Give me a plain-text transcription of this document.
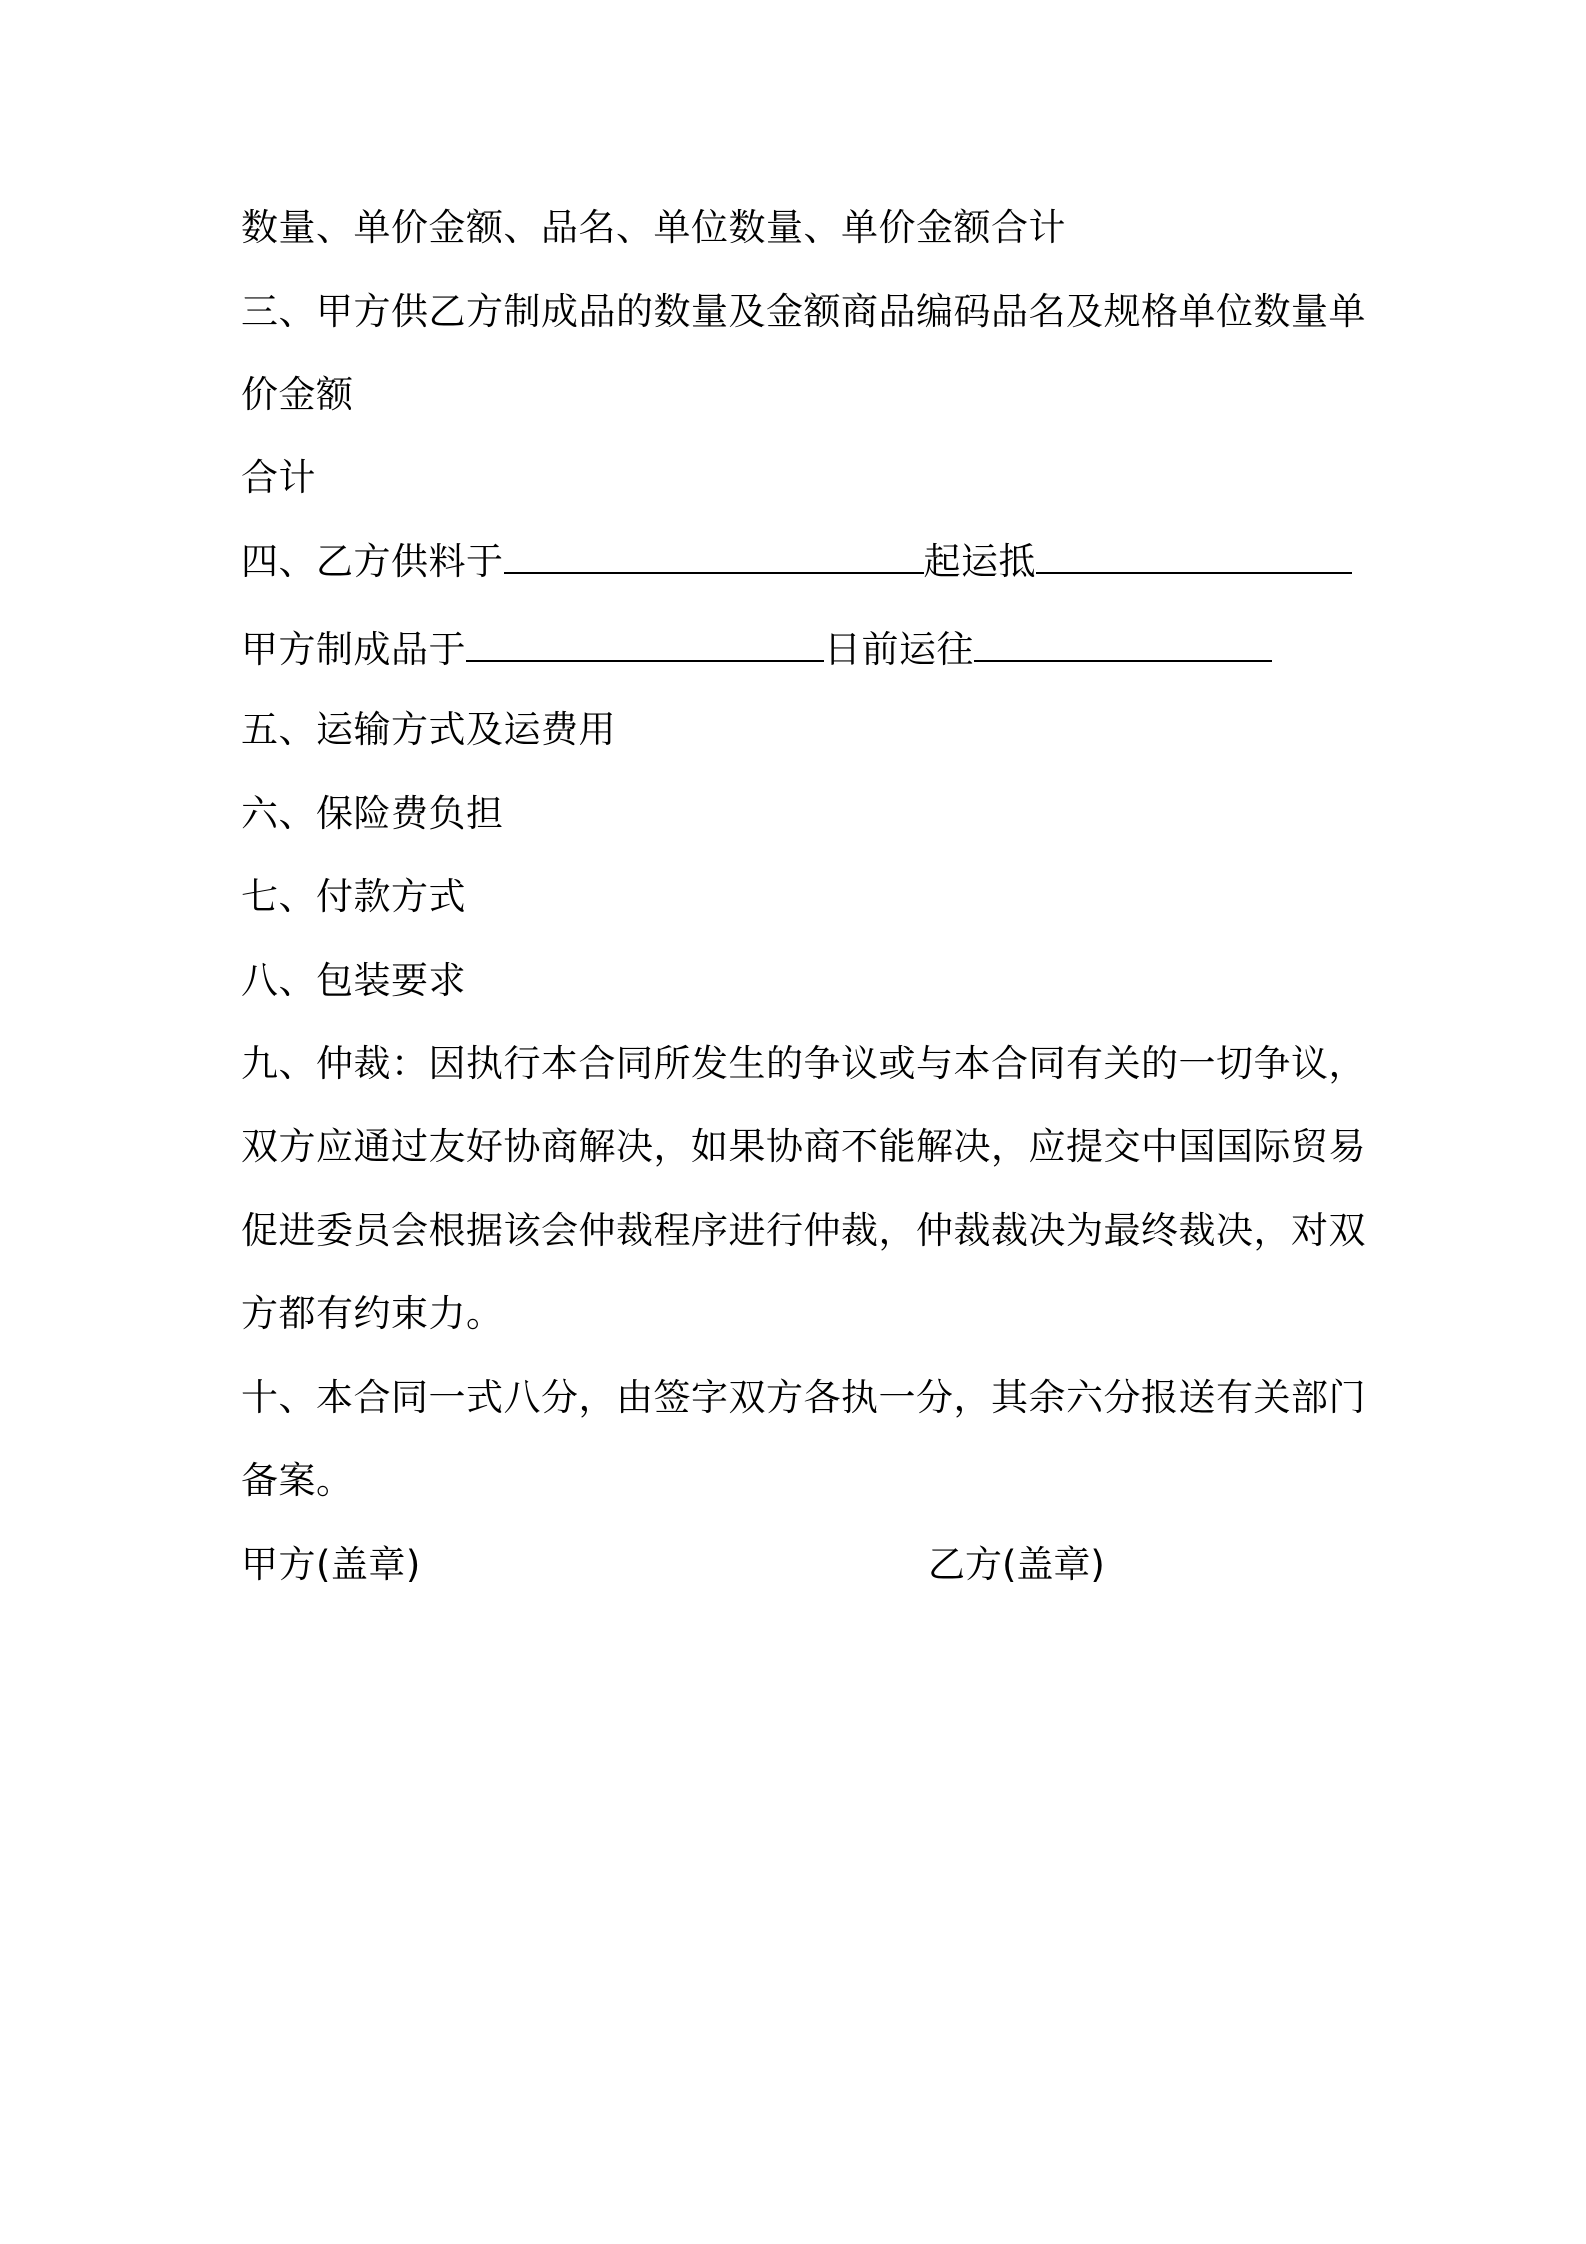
数量、单价金额、品名、单位数量、单价金额合计
三、甲方供乙方制成品的数量及金额商品编码品名及规格单位数量单
价金额
合计
四、乙方供料于	起运抵
甲方制成品于	日前运往
五、运输方式及运费用
六、保险费负担
七、付款方式
八、包装要求
九、仲裁：因执行本合同所发生的争议或与本合同有关的一切争议，
双方应通过友好协商解决，如果协商不能解决，应提交中国国际贸易
促进委员会根据该会仲裁程序进行仲裁，仲裁裁决为最终裁决，对双
方都有约束力。
十、本合同一式八分，由签字双方各执一分，其余六分报送有关部门
备案。
甲方(盖章)	乙方(盖章)
